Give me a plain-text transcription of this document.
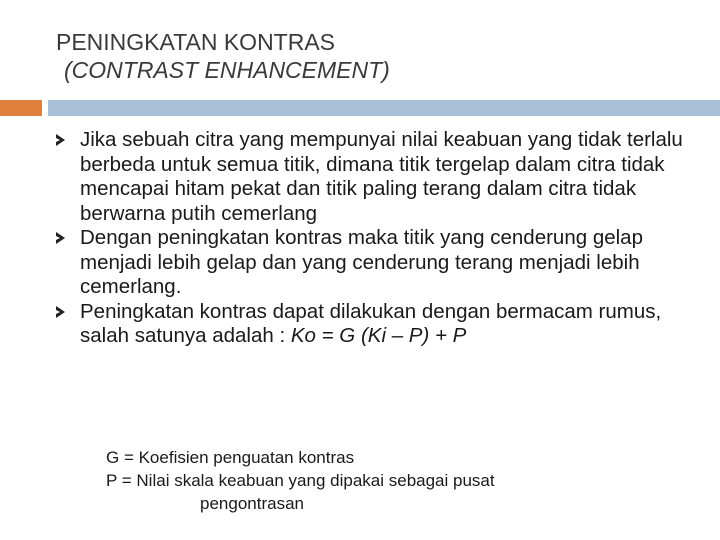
PENINGKATAN KONTRAS
(CONTRAST ENHANCEMENT)
Jika sebuah citra yang mempunyai nilai keabuan yang tidak terlalu berbeda untuk semua titik, dimana titik tergelap dalam citra tidak mencapai hitam pekat dan titik paling terang dalam citra tidak berwarna putih cemerlang
Dengan peningkatan kontras maka titik yang cenderung gelap menjadi lebih gelap dan yang cenderung terang menjadi lebih cemerlang.
Peningkatan kontras dapat dilakukan dengan bermacam rumus, salah satunya adalah : Ko = G (Ki – P) + P
G = Koefisien penguatan kontras
P = Nilai skala keabuan yang dipakai sebagai pusat
pengontrasan
